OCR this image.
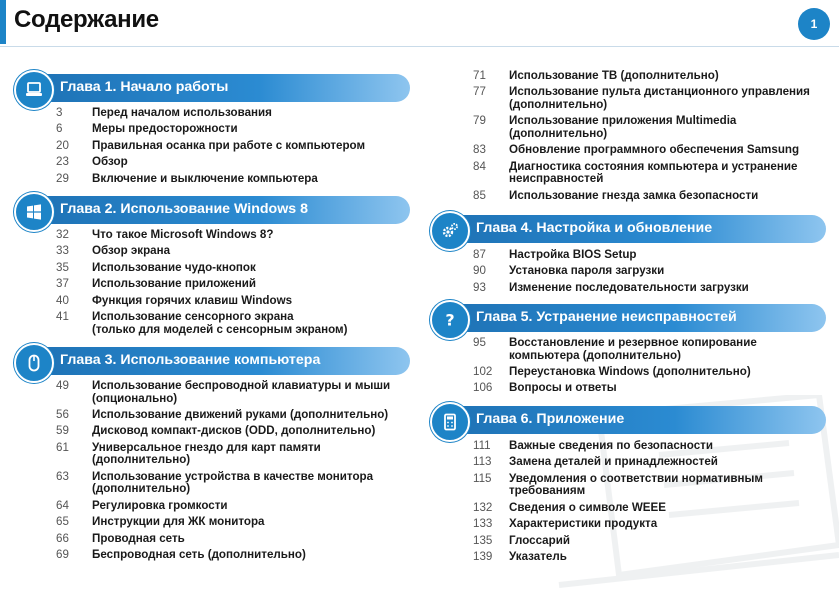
Содержание	1
Глава 1. Начало работы
3	Перед началом использования
6	Меры предосторожности
20	Правильная осанка при работе с компьютером
23	Обзор
29	Включение и выключение компьютера
Глава 2. Использование Windows 8
32	Что такое Microsoft Windows 8?
33	Обзор экрана
35	Использование чудо-кнопок
37	Использование приложений
40	Функция горячих клавиш Windows
41	Использование сенсорного экрана
(только для моделей с сенсорным экраном)
Глава 3. Использование компьютера
49	Использование беспроводной клавиатуры и мыши
(опционально)
56	Использование движений руками (дополнительно)
59	Дисковод компакт-дисков (ODD, дополнительно)
61	Универсальное гнездо для карт памяти
(дополнительно)
63	Использование устройства в качестве монитора
(дополнительно)
64	Регулировка громкости
65	Инструкции для ЖК монитора
66	Проводная сеть
69	Беспроводная сеть (дополнительно)
71	Использование ТВ (дополнительно)
77	Использование пульта дистанционного управления
(дополнительно)
79	Использование приложения Multimedia
(дополнительно)
83	Обновление программного обеспечения Samsung
84	Диагностика состояния компьютера и устранение
неисправностей
85	Использование гнезда замка безопасности
Глава 4. Настройка и обновление
87	Настройка BIOS Setup
90	Установка пароля загрузки
93	Изменение последовательности загрузки
? Глава 5. Устранение неисправностей
95	Восстановление и резервное копирование
компьютера (дополнительно)
102	Переустановка Windows (дополнительно)
106	Вопросы и ответы
Глава 6. Приложение
111	Важные сведения по безопасности
113	Замена деталей и принадлежностей
115	Уведомления о соответствии нормативным
требованиям
132	Сведения о символе WEEE
133	Характеристики продукта
135	Глоссарий
139	Указатель
